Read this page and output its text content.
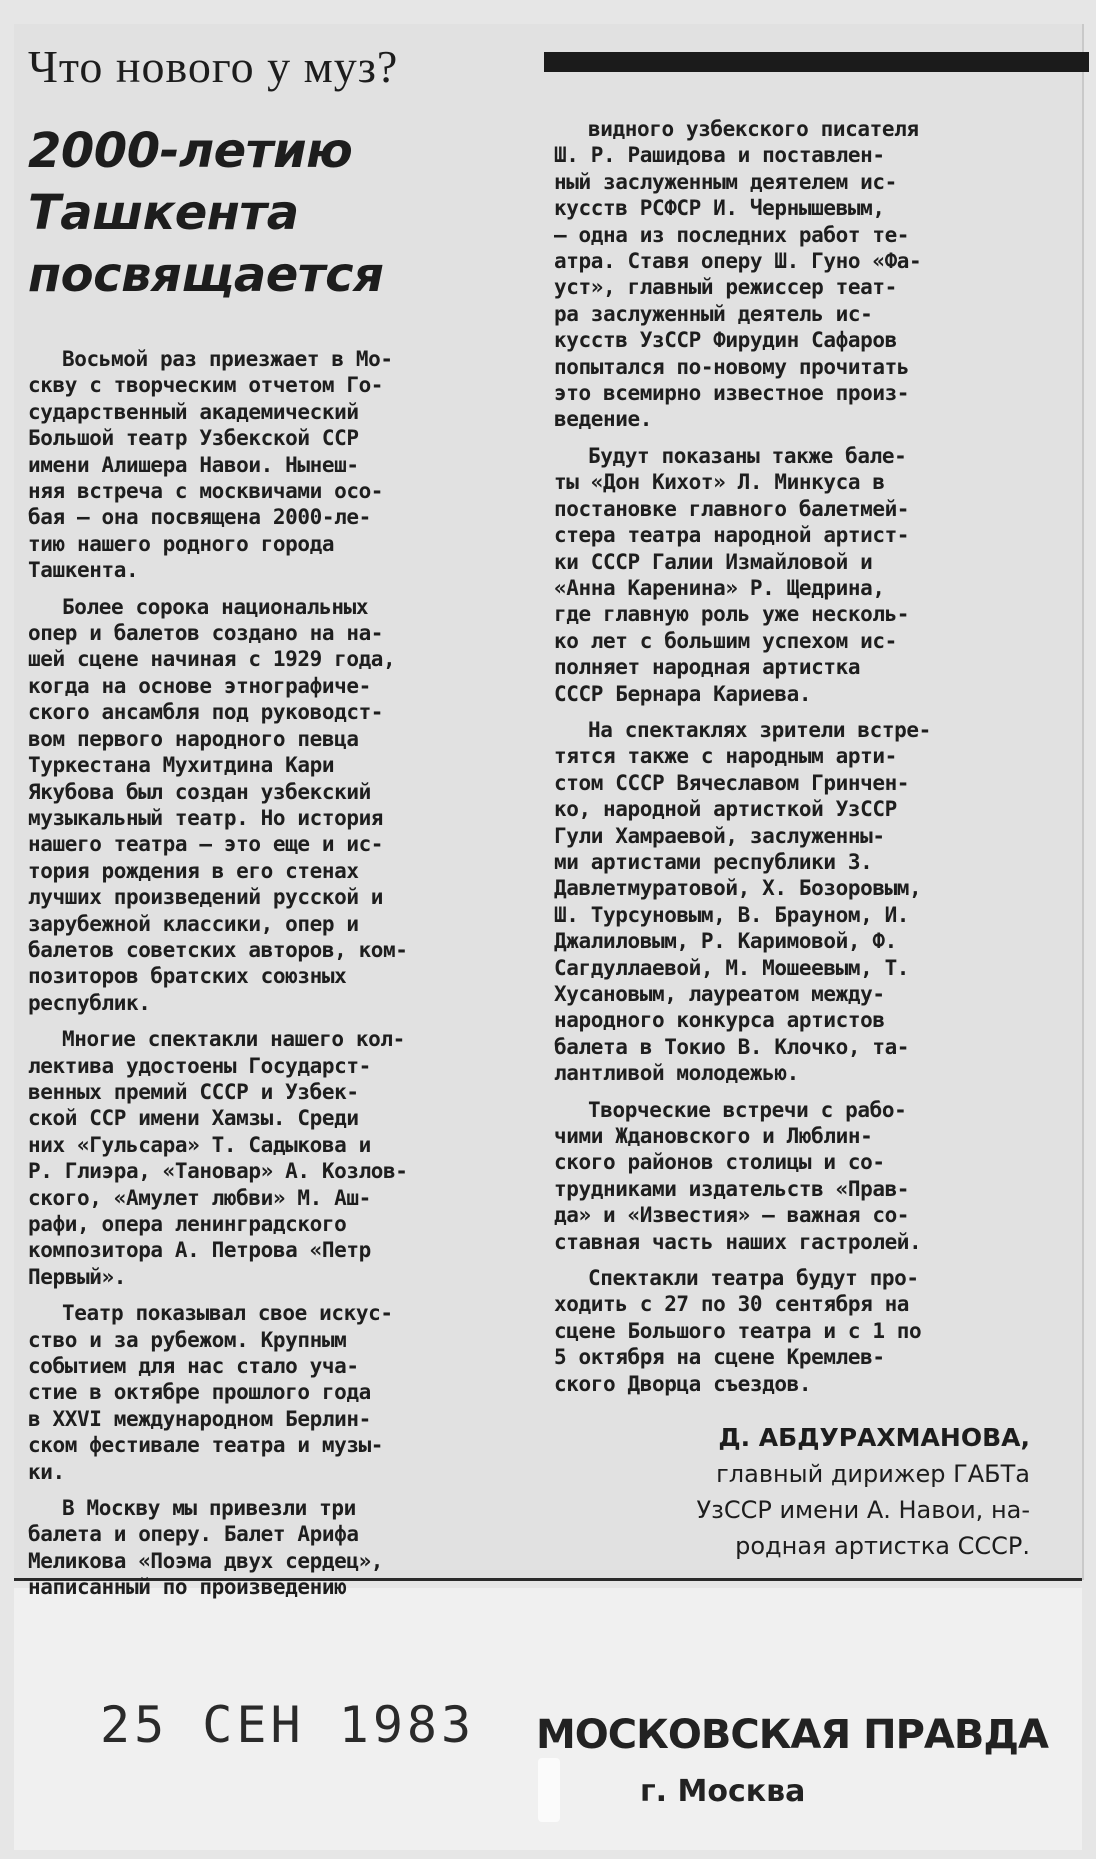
Что нового у муз?
2000-летию
Ташкента
посвящается
Восьмой раз приезжает в Мо-
скву с творческим отчетом Го-
сударственный академический
Большой театр Узбекской ССР
имени Алишера Навои. Нынеш-
няя встреча с москвичами осо-
бая — она посвящена 2000-ле-
тию нашего родного города
Ташкента.
Более сорока национальных
опер и балетов создано на на-
шей сцене начиная с 1929 года,
когда на основе этнографиче-
ского ансамбля под руководст-
вом первого народного певца
Туркестана Мухитдина Кари
Якубова был создан узбекский
музыкальный театр. Но история
нашего театра — это еще и ис-
тория рождения в его стенах
лучших произведений русской и
зарубежной классики, опер и
балетов советских авторов, ком-
позиторов братских союзных
республик.
Многие спектакли нашего кол-
лектива удостоены Государст-
венных премий СССР и Узбек-
ской ССР имени Хамзы. Среди
них «Гульсара» Т. Садыкова и
Р. Глиэра, «Тановар» А. Козлов-
ского, «Амулет любви» М. Аш-
рафи, опера ленинградского
композитора А. Петрова «Петр
Первый».
Театр показывал свое искус-
ство и за рубежом. Крупным
событием для нас стало уча-
стие в октябре прошлого года
в XXVI международном Берлин-
ском фестивале театра и музы-
ки.
В Москву мы привезли три
балета и оперу. Балет Арифа
Меликова «Поэма двух сердец»,
написанный по произведению
видного узбекского писателя
Ш. Р. Рашидова и поставлен-
ный заслуженным деятелем ис-
кусств РСФСР И. Чернышевым,
— одна из последних работ те-
атра. Ставя оперу Ш. Гуно «Фа-
уст», главный режиссер теат-
ра заслуженный деятель ис-
кусств УзССР Фирудин Сафаров
попытался по-новому прочитать
это всемирно известное произ-
ведение.
Будут показаны также бале-
ты «Дон Кихот» Л. Минкуса в
постановке главного балетмей-
стера театра народной артист-
ки СССР Галии Измайловой и
«Анна Каренина» Р. Щедрина,
где главную роль уже несколь-
ко лет с большим успехом ис-
полняет народная артистка
СССР Бернара Кариева.
На спектаклях зрители встре-
тятся также с народным арти-
стом СССР Вячеславом Гринчен-
ко, народной артисткой УзССР
Гули Хамраевой, заслуженны-
ми артистами республики З.
Давлетмуратовой, Х. Бозоровым,
Ш. Турсуновым, В. Брауном, И.
Джалиловым, Р. Каримовой, Ф.
Сагдуллаевой, М. Мошеевым, Т.
Хусановым, лауреатом между-
народного конкурса артистов
балета в Токио В. Клочко, та-
лантливой молодежью.
Творческие встречи с рабо-
чими Ждановского и Люблин-
ского районов столицы и со-
трудниками издательств «Прав-
да» и «Известия» — важная со-
ставная часть наших гастролей.
Спектакли театра будут про-
ходить с 27 по 30 сентября на
сцене Большого театра и с 1 по
5 октября на сцене Кремлев-
ского Дворца съездов.
Д. АБДУРАХМАНОВА,
главный дирижер ГАБТа
УзССР имени А. Навои, на-
родная артистка СССР.
25 СЕН 1983 МОСКОВСКАЯ ПРАВДА
г. Москва
